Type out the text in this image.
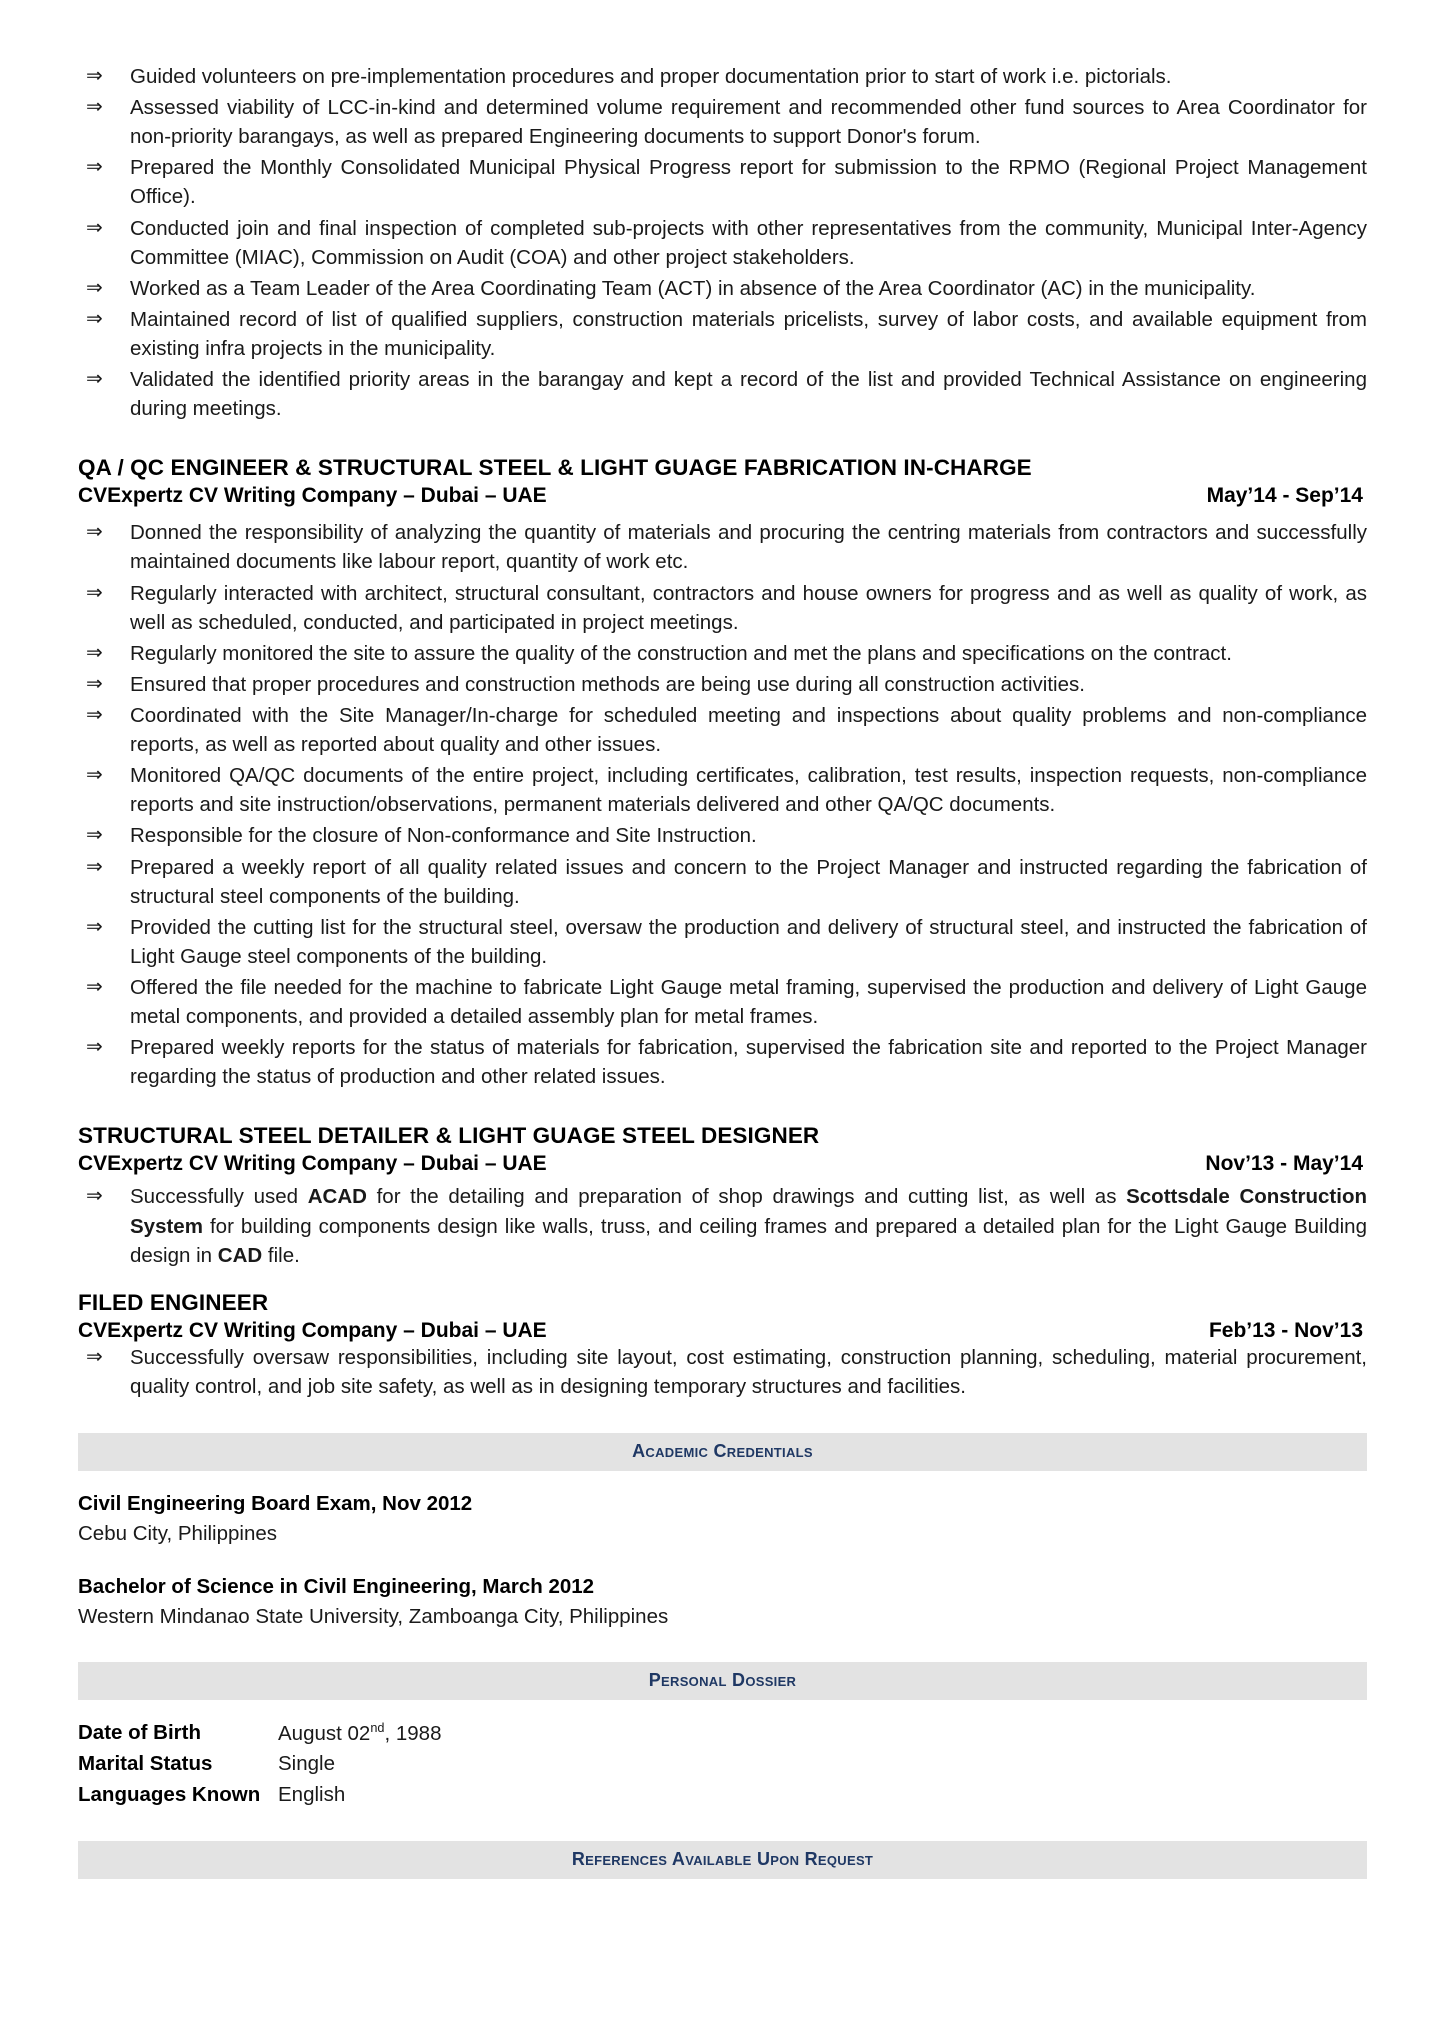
⇒ Guided volunteers on pre-implementation procedures and proper documentation prior to start of work i.e. pictorials.
⇒ Assessed viability of LCC-in-kind and determined volume requirement and recommended other fund sources to Area Coordinator for non-priority barangays, as well as prepared Engineering documents to support Donor's forum.
⇒ Prepared the Monthly Consolidated Municipal Physical Progress report for submission to the RPMO (Regional Project Management Office).
⇒ Conducted join and final inspection of completed sub-projects with other representatives from the community, Municipal Inter-Agency Committee (MIAC), Commission on Audit (COA) and other project stakeholders.
⇒ Worked as a Team Leader of the Area Coordinating Team (ACT) in absence of the Area Coordinator (AC) in the municipality.
⇒ Maintained record of list of qualified suppliers, construction materials pricelists, survey of labor costs, and available equipment from existing infra projects in the municipality.
⇒ Validated the identified priority areas in the barangay and kept a record of the list and provided Technical Assistance on engineering during meetings.
QA / QC ENGINEER & STRUCTURAL STEEL & LIGHT GUAGE FABRICATION IN-CHARGE
CVExpertz CV Writing Company – Dubai – UAE	May’14 - Sep’14
⇒ Donned the responsibility of analyzing the quantity of materials and procuring the centring materials from contractors and successfully maintained documents like labour report, quantity of work etc.
⇒ Regularly interacted with architect, structural consultant, contractors and house owners for progress and as well as quality of work, as well as scheduled, conducted, and participated in project meetings.
⇒ Regularly monitored the site to assure the quality of the construction and met the plans and specifications on the contract.
⇒ Ensured that proper procedures and construction methods are being use during all construction activities.
⇒ Coordinated with the Site Manager/In-charge for scheduled meeting and inspections about quality problems and non-compliance reports, as well as reported about quality and other issues.
⇒ Monitored QA/QC documents of the entire project, including certificates, calibration, test results, inspection requests, non-compliance reports and site instruction/observations, permanent materials delivered and other QA/QC documents.
⇒ Responsible for the closure of Non-conformance and Site Instruction.
⇒ Prepared a weekly report of all quality related issues and concern to the Project Manager and instructed regarding the fabrication of structural steel components of the building.
⇒ Provided the cutting list for the structural steel, oversaw the production and delivery of structural steel, and instructed the fabrication of Light Gauge steel components of the building.
⇒ Offered the file needed for the machine to fabricate Light Gauge metal framing, supervised the production and delivery of Light Gauge metal components, and provided a detailed assembly plan for metal frames.
⇒ Prepared weekly reports for the status of materials for fabrication, supervised the fabrication site and reported to the Project Manager regarding the status of production and other related issues.
STRUCTURAL STEEL DETAILER & LIGHT GUAGE STEEL DESIGNER
CVExpertz CV Writing Company – Dubai – UAE	Nov’13 - May’14
⇒ Successfully used ACAD for the detailing and preparation of shop drawings and cutting list, as well as Scottsdale Construction System for building components design like walls, truss, and ceiling frames and prepared a detailed plan for the Light Gauge Building design in CAD file.
FILED ENGINEER
CVExpertz CV Writing Company – Dubai – UAE	Feb’13 - Nov’13
⇒ Successfully oversaw responsibilities, including site layout, cost estimating, construction planning, scheduling, material procurement, quality control, and job site safety, as well as in designing temporary structures and facilities.
Academic Credentials
Civil Engineering Board Exam, Nov 2012
Cebu City, Philippines
Bachelor of Science in Civil Engineering, March 2012
Western Mindanao State University, Zamboanga City, Philippines
Personal Dossier
Date of Birth	August 02nd, 1988
Marital Status	Single
Languages Known English
References Available Upon Request
